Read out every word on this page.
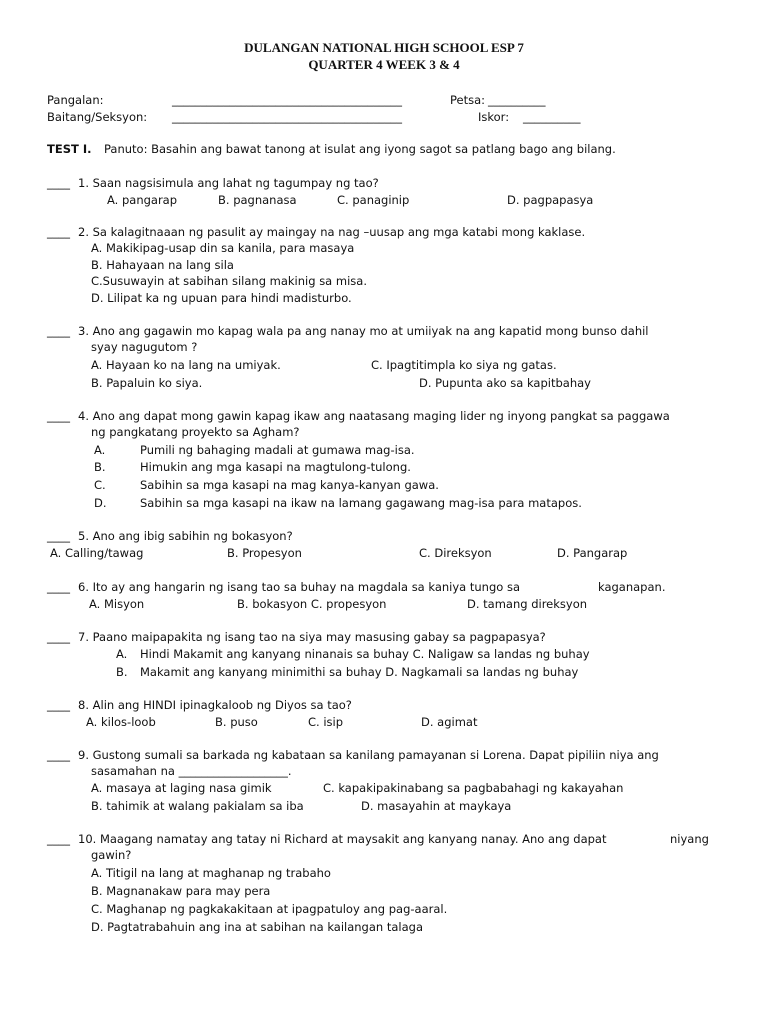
DULANGAN NATIONAL HIGH SCHOOL ESP 7
QUARTER 4 WEEK 3 & 4
Pangalan:	________________________________________	Petsa: __________
Baitang/Seksyon: ________________________________________	Iskor: __________
TEST I. Panuto: Basahin ang bawat tanong at isulat ang iyong sagot sa patlang bago ang bilang.
____ 1. Saan nagsisimula ang lahat ng tagumpay ng tao?
A. pangarap	B. pagnanasa	C. panaginip	D. pagpapasya
____ 2. Sa kalagitnaaan ng pasulit ay maingay na nag –uusap ang mga katabi mong kaklase.
A. Makikipag-usap din sa kanila, para masaya
B. Hahayaan na lang sila
C.Susuwayin at sabihan silang makinig sa misa.
D. Lilipat ka ng upuan para hindi madisturbo.
____ 3. Ano ang gagawin mo kapag wala pa ang nanay mo at umiiyak na ang kapatid mong bunso dahil
syay nagugutom ?
A. Hayaan ko na lang na umiyak.	C. Ipagtitimpla ko siya ng gatas.
B. Papaluin ko siya.	D. Pupunta ako sa kapitbahay
____ 4. Ano ang dapat mong gawin kapag ikaw ang naatasang maging lider ng inyong pangkat sa paggawa
ng pangkatang proyekto sa Agham?
A.	Pumili ng bahaging madali at gumawa mag-isa.
B.	Himukin ang mga kasapi na magtulong-tulong.
C.	Sabihin sa mga kasapi na mag kanya-kanyan gawa.
D.	Sabihin sa mga kasapi na ikaw na lamang gagawang mag-isa para matapos.
____ 5. Ano ang ibig sabihin ng bokasyon?
A. Calling/tawag	B. Propesyon	C. Direksyon	D. Pangarap
____ 6. Ito ay ang hangarin ng isang tao sa buhay na magdala sa kaniya tungo sa	kaganapan.
A. Misyon	B. bokasyon C. propesyon	D. tamang direksyon
____ 7. Paano maipapakita ng isang tao na siya may masusing gabay sa pagpapasya?
A. Hindi Makamit ang kanyang ninanais sa buhay C. Naligaw sa landas ng buhay
B. Makamit ang kanyang minimithi sa buhay D. Nagkamali sa landas ng buhay
____ 8. Alin ang HINDI ipinagkaloob ng Diyos sa tao?
A. kilos-loob	B. puso	C. isip	D. agimat
____ 9. Gustong sumali sa barkada ng kabataan sa kanilang pamayanan si Lorena. Dapat pipiliin niya ang
sasamahan na ___________________.
A. masaya at laging nasa gimik	C. kapakipakinabang sa pagbabahagi ng kakayahan
B. tahimik at walang pakialam sa iba	D. masayahin at maykaya
____ 10. Maagang namatay ang tatay ni Richard at maysakit ang kanyang nanay. Ano ang dapat	niyang
gawin?
A. Titigil na lang at maghanap ng trabaho
B. Magnanakaw para may pera
C. Maghanap ng pagkakakitaan at ipagpatuloy ang pag-aaral.
D. Pagtatrabahuin ang ina at sabihan na kailangan talaga
